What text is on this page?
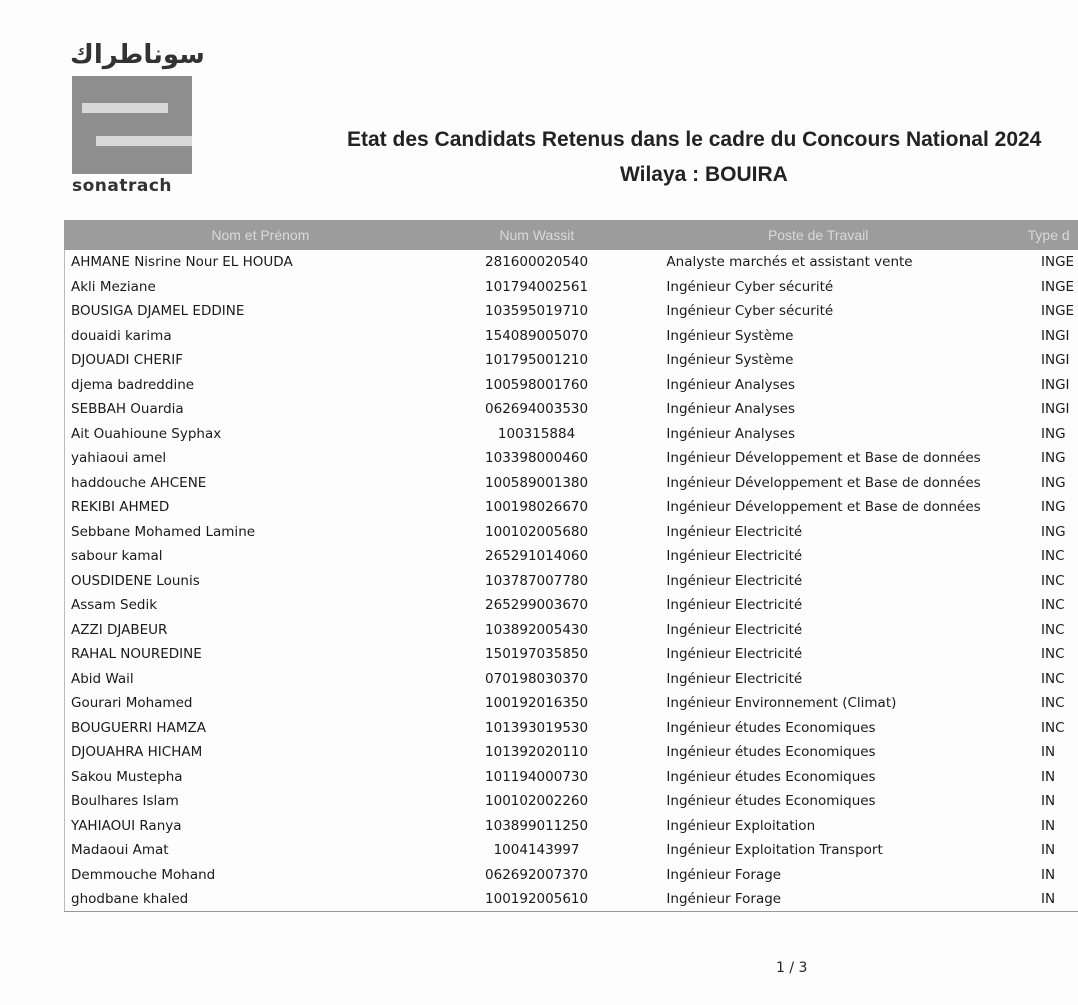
سوناطراك
sonatrach
Etat des Candidats Retenus dans le cadre du Concours National 2024
Wilaya : BOUIRA
Nom et Prénom	Num Wassit	Poste de Travail	Type d
AHMANE Nisrine Nour EL HOUDA	281600020540	Analyste marchés et assistant vente	INGE
Akli Meziane	101794002561	Ingénieur Cyber sécurité	INGE
BOUSIGA DJAMEL EDDINE	103595019710	Ingénieur Cyber sécurité	INGE
douaidi karima	154089005070	Ingénieur Système	INGI
DJOUADI CHERIF	101795001210	Ingénieur Système	INGI
djema badreddine	100598001760	Ingénieur Analyses	INGI
SEBBAH Ouardia	062694003530	Ingénieur Analyses	INGI
Ait Ouahioune Syphax	100315884	Ingénieur Analyses	ING
yahiaoui amel	103398000460	Ingénieur Développement et Base de données	ING
haddouche AHCENE	100589001380	Ingénieur Développement et Base de données	ING
REKIBI AHMED	100198026670	Ingénieur Développement et Base de données	ING
Sebbane Mohamed Lamine	100102005680	Ingénieur Electricité	ING
sabour kamal	265291014060	Ingénieur Electricité	INC
OUSDIDENE Lounis	103787007780	Ingénieur Electricité	INC
Assam Sedik	265299003670	Ingénieur Electricité	INC
AZZI DJABEUR	103892005430	Ingénieur Electricité	INC
RAHAL NOUREDINE	150197035850	Ingénieur Electricité	INC
Abid Wail	070198030370	Ingénieur Electricité	INC
Gourari Mohamed	100192016350	Ingénieur Environnement (Climat)	INC
BOUGUERRI HAMZA	101393019530	Ingénieur études Economiques	INC
DJOUAHRA HICHAM	101392020110	Ingénieur études Economiques	IN
Sakou Mustepha	101194000730	Ingénieur études Economiques	IN
Boulhares Islam	100102002260	Ingénieur études Economiques	IN
YAHIAOUI Ranya	103899011250	Ingénieur Exploitation	IN
Madaoui Amat	1004143997	Ingénieur Exploitation Transport	IN
Demmouche Mohand	062692007370	Ingénieur Forage	IN
ghodbane khaled	100192005610	Ingénieur Forage	IN
1 / 3
